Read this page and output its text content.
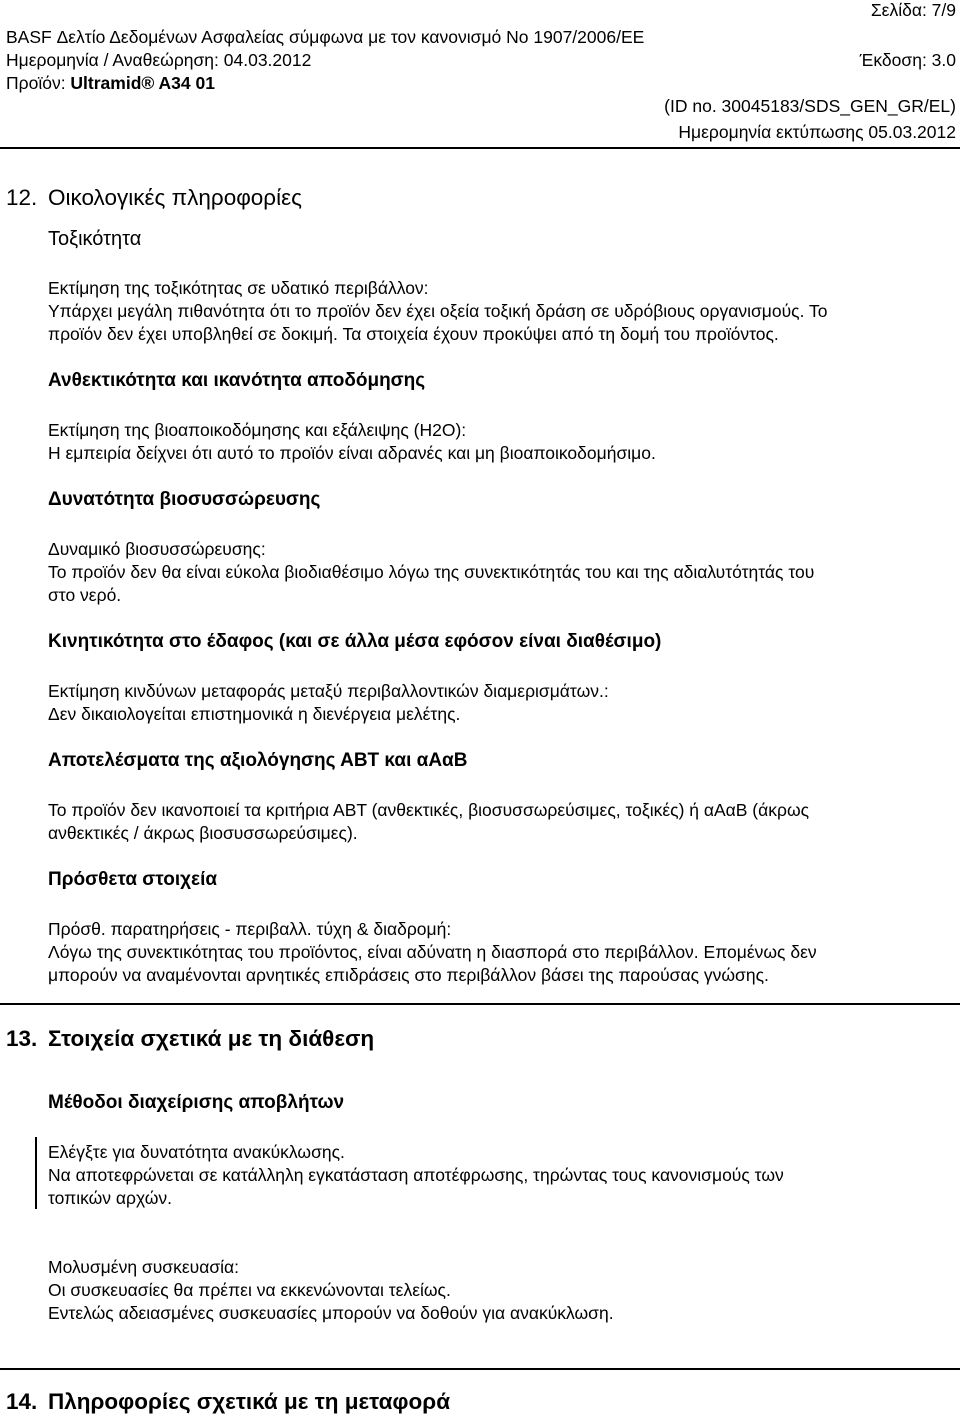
Σελίδα: 7/9
BASF Δελτίο Δεδομένων Ασφαλείας σύμφωνα με τον κανονισμό Νο 1907/2006/ΕΕ
Ημερομηνία / Αναθεώρηση: 04.03.2012	Έκδοση: 3.0
Προϊόν: Ultramid® A34 01
(ID no. 30045183/SDS_GEN_GR/EL)
Ημερομηνία εκτύπωσης 05.03.2012
12. Οικολογικές πληροφορίες
Τοξικότητα
Εκτίμηση της τοξικότητας σε υδατικό περιβάλλον:
Υπάρχει μεγάλη πιθανότητα ότι το προϊόν δεν έχει οξεία τοξική δράση σε υδρόβιους οργανισμούς. Το
προϊόν δεν έχει υποβληθεί σε δοκιμή. Τα στοιχεία έχουν προκύψει από τη δομή του προϊόντος.
Ανθεκτικότητα και ικανότητα αποδόμησης
Εκτίμηση της βιοαποικοδόμησης και εξάλειψης (H2O):
Η εμπειρία δείχνει ότι αυτό το προϊόν είναι αδρανές και μη βιοαποικοδομήσιμο.
Δυνατότητα βιοσυσσώρευσης
Δυναμικό βιοσυσσώρευσης:
Το προϊόν δεν θα είναι εύκολα βιοδιαθέσιμο λόγω της συνεκτικότητάς του και της αδιαλυτότητάς του
στο νερό.
Κινητικότητα στο έδαφος (και σε άλλα μέσα εφόσον είναι διαθέσιμο)
Εκτίμηση κινδύνων μεταφοράς μεταξύ περιβαλλοντικών διαμερισμάτων.:
Δεν δικαιολογείται επιστημονικά η διενέργεια μελέτης.
Αποτελέσματα της αξιολόγησης ΑΒΤ και αΑαΒ
Το προϊόν δεν ικανοποιεί τα κριτήρια ΑΒΤ (ανθεκτικές, βιοσυσσωρεύσιμες, τοξικές) ή αΑαΒ (άκρως
ανθεκτικές / άκρως βιοσυσσωρεύσιμες).
Πρόσθετα στοιχεία
Πρόσθ. παρατηρήσεις - περιβαλλ. τύχη & διαδρομή:
Λόγω της συνεκτικότητας του προϊόντος, είναι αδύνατη η διασπορά στο περιβάλλον. Επομένως δεν
μπορούν να αναμένονται αρνητικές επιδράσεις στο περιβάλλον βάσει της παρούσας γνώσης.
13. Στοιχεία σχετικά με τη διάθεση
Μέθοδοι διαχείρισης αποβλήτων
Ελέγξτε για δυνατότητα ανακύκλωσης.
Να αποτεφρώνεται σε κατάλληλη εγκατάσταση αποτέφρωσης, τηρώντας τους κανονισμούς των
τοπικών αρχών.
Μολυσμένη συσκευασία:
Οι συσκευασίες θα πρέπει να εκκενώνονται τελείως.
Εντελώς αδειασμένες συσκευασίες μπορούν να δοθούν για ανακύκλωση.
14. Πληροφορίες σχετικά με τη μεταφορά
